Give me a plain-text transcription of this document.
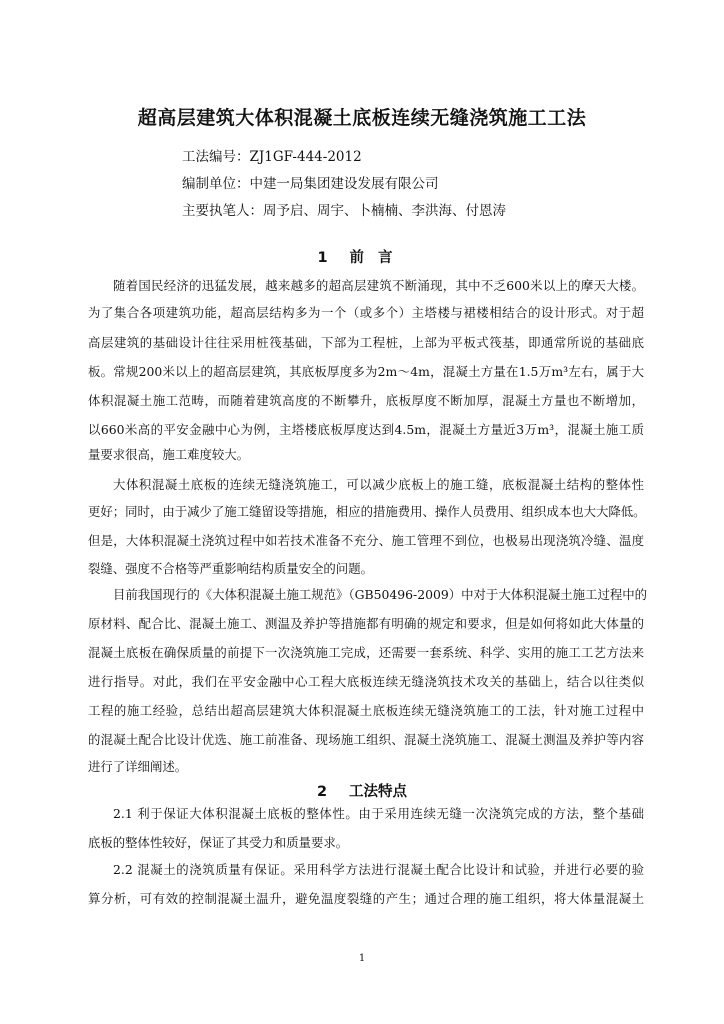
超高层建筑大体积混凝土底板连续无缝浇筑施工工法
工法编号：ZJ1GF-444-2012
编制单位：中建一局集团建设发展有限公司
主要执笔人：周予启、周宇、卜楠楠、李洪海、付恩涛
1 前言
随着国民经济的迅猛发展，越来越多的超高层建筑不断涌现，其中不乏600米以上的摩天大楼。
为了集合各项建筑功能，超高层结构多为一个（或多个）主塔楼与裙楼相结合的设计形式。对于超
高层建筑的基础设计往往采用桩筏基础，下部为工程桩，上部为平板式筏基，即通常所说的基础底
板。常规200米以上的超高层建筑，其底板厚度多为2m～4m，混凝土方量在1.5万m³左右，属于大
体积混凝土施工范畴，而随着建筑高度的不断攀升，底板厚度不断加厚，混凝土方量也不断增加，
以660米高的平安金融中心为例，主塔楼底板厚度达到4.5m，混凝土方量近3万m³，混凝土施工质
量要求很高，施工难度较大。
大体积混凝土底板的连续无缝浇筑施工，可以减少底板上的施工缝，底板混凝土结构的整体性
更好；同时，由于减少了施工缝留设等措施，相应的措施费用、操作人员费用、组织成本也大大降低。
但是，大体积混凝土浇筑过程中如若技术准备不充分、施工管理不到位，也极易出现浇筑冷缝、温度
裂缝、强度不合格等严重影响结构质量安全的问题。
目前我国现行的《大体积混凝土施工规范》（GB50496-2009）中对于大体积混凝土施工过程中的
原材料、配合比、混凝土施工、测温及养护等措施都有明确的规定和要求，但是如何将如此大体量的
混凝土底板在确保质量的前提下一次浇筑施工完成，还需要一套系统、科学、实用的施工工艺方法来
进行指导。对此，我们在平安金融中心工程大底板连续无缝浇筑技术攻关的基础上，结合以往类似
工程的施工经验，总结出超高层建筑大体积混凝土底板连续无缝浇筑施工的工法，针对施工过程中
的混凝土配合比设计优选、施工前准备、现场施工组织、混凝土浇筑施工、混凝土测温及养护等内容
进行了详细阐述。
2 工法特点
2.1 利于保证大体积混凝土底板的整体性。由于采用连续无缝一次浇筑完成的方法，整个基础
底板的整体性较好，保证了其受力和质量要求。
2.2 混凝土的浇筑质量有保证。采用科学方法进行混凝土配合比设计和试验，并进行必要的验
算分析，可有效的控制混凝土温升，避免温度裂缝的产生；通过合理的施工组织，将大体量混凝土
1
